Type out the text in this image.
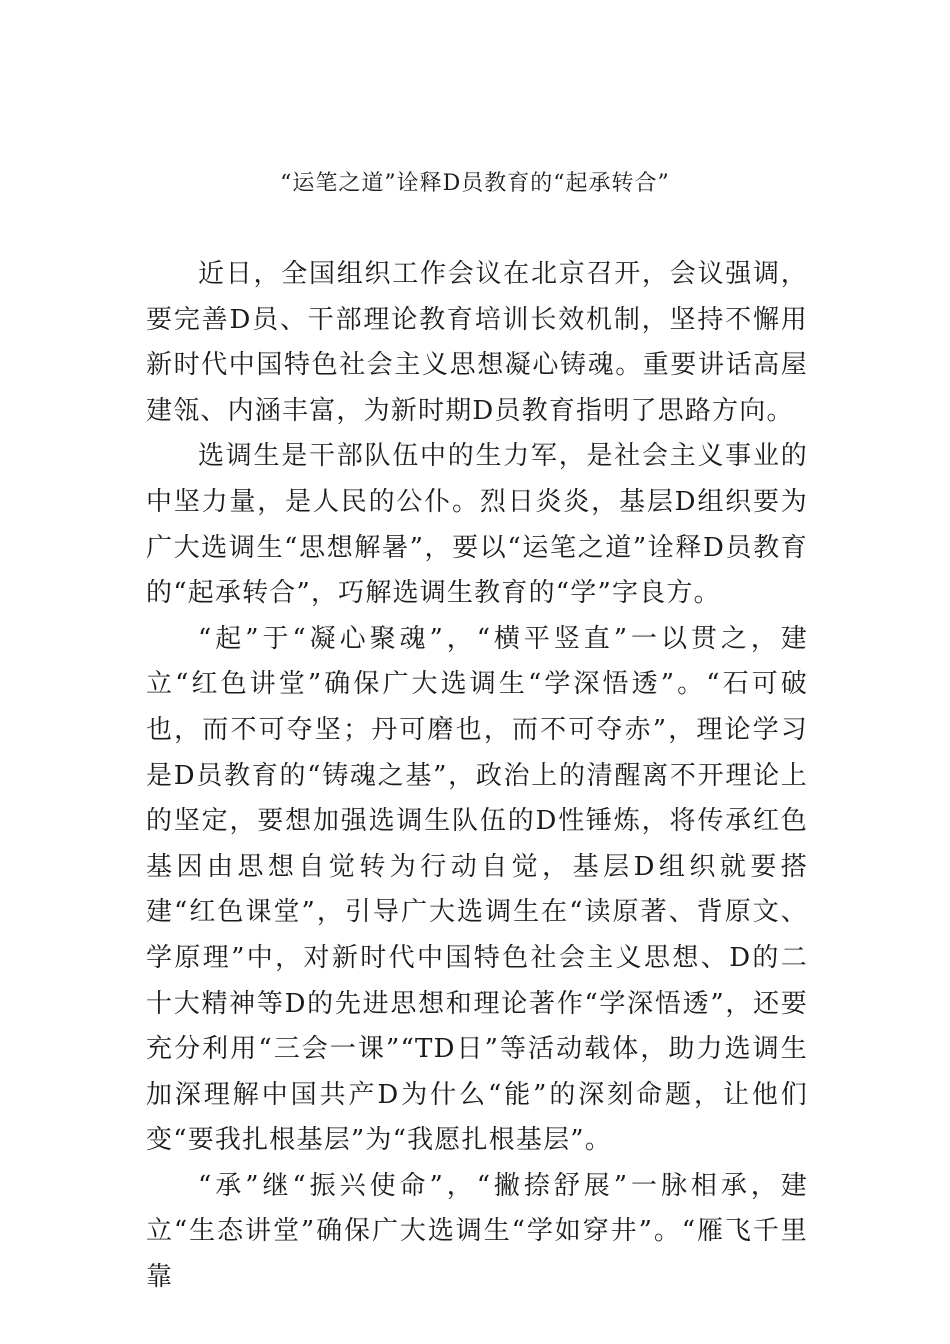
“运笔之道”诠释D员教育的“起承转合”

近日，全国组织工作会议在北京召开，会议强调，要完善D员、干部理论教育培训长效机制，坚持不懈用新时代中国特色社会主义思想凝心铸魂。重要讲话高屋建瓴、内涵丰富，为新时期D员教育指明了思路方向。

选调生是干部队伍中的生力军，是社会主义事业的中坚力量，是人民的公仆。烈日炎炎，基层D组织要为广大选调生“思想解暑”，要以“运笔之道”诠释D员教育的“起承转合”，巧解选调生教育的“学”字良方。

“起”于“凝心聚魂”，“横平竖直”一以贯之，建立“红色讲堂”确保广大选调生“学深悟透”。“石可破也，而不可夺坚；丹可磨也，而不可夺赤”，理论学习是D员教育的“铸魂之基”，政治上的清醒离不开理论上的坚定，要想加强选调生队伍的D性锤炼，将传承红色基因由思想自觉转为行动自觉，基层D组织就要搭建“红色课堂”，引导广大选调生在“读原著、背原文、学原理”中，对新时代中国特色社会主义思想、D的二十大精神等D的先进思想和理论著作“学深悟透”，还要充分利用“三会一课”“TD日”等活动载体，助力选调生加深理解中国共产D为什么“能”的深刻命题，让他们变“要我扎根基层”为“我愿扎根基层”。

“承”继“振兴使命”，“撇捺舒展”一脉相承，建立“生态讲堂”确保广大选调生“学如穿井”。“雁飞千里靠
